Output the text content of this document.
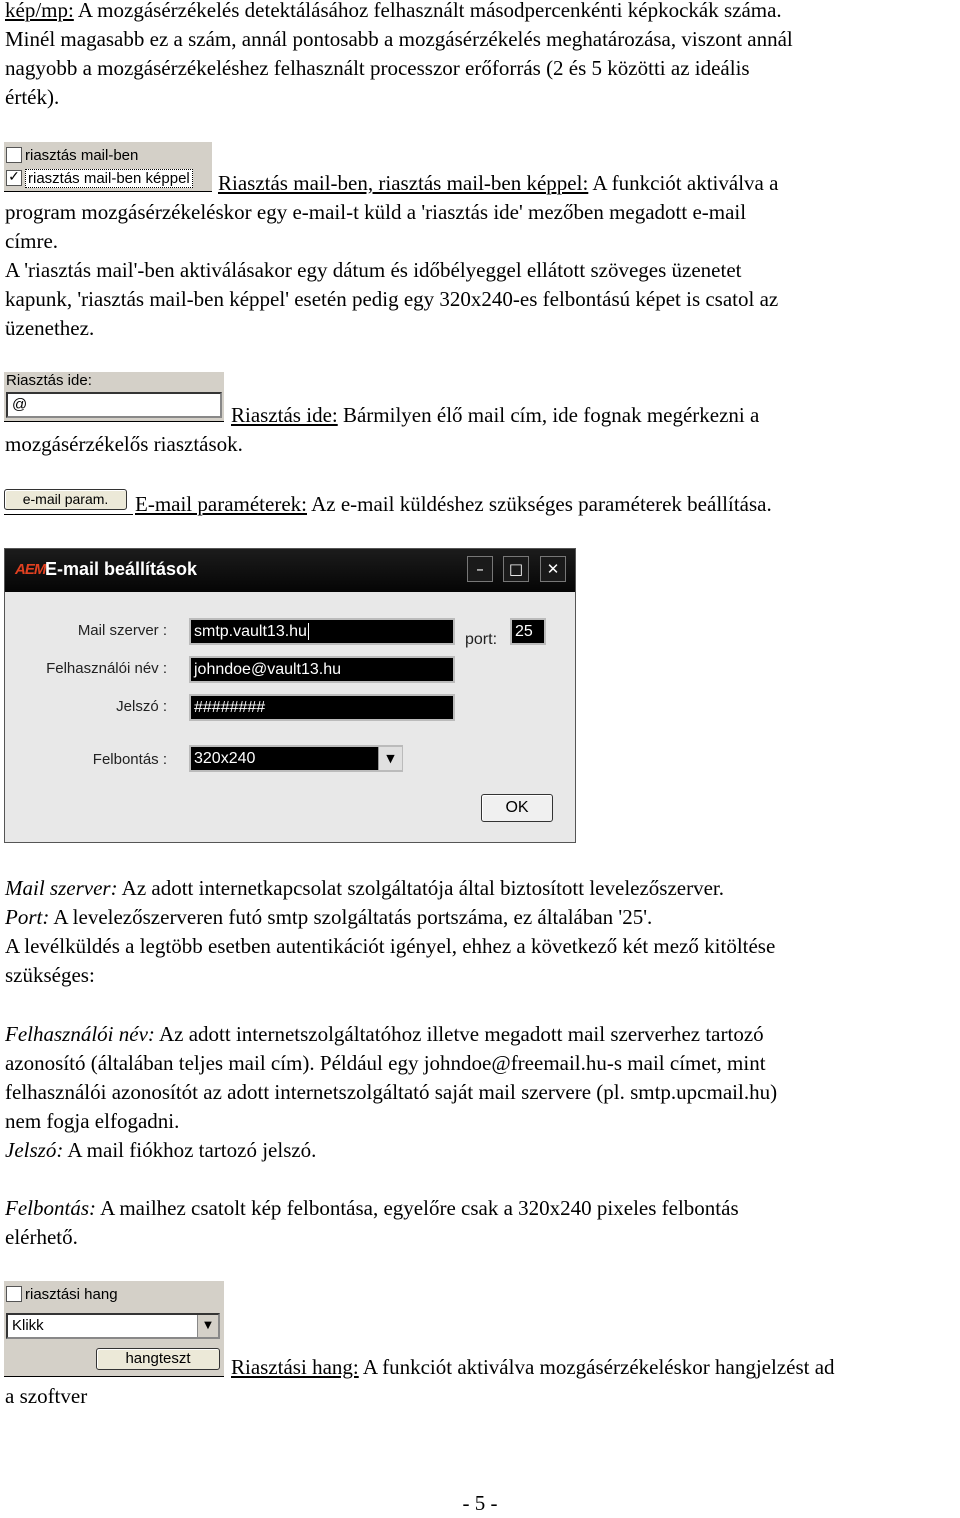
kép/mp: A mozgásérzékelés detektálásához felhasznált másodpercenkénti képkockák száma.
Minél magasabb ez a szám, annál pontosabb a mozgásérzékelés meghatározása, viszont annál
nagyobb a mozgásérzékeléshez felhasznált processzor erőforrás (2 és 5 közötti az ideális
érték).
riasztás mail-ben
✓ riasztás mail-ben képpel Riasztás mail-ben, riasztás mail-ben képpel: A funkciót aktiválva a
program mozgásérzékeléskor egy e-mail-t küld a 'riasztás ide' mezőben megadott e-mail
címre.
A 'riasztás mail'-ben aktiválásakor egy dátum és időbélyeggel ellátott szöveges üzenetet
kapunk, 'riasztás mail-ben képpel' esetén pedig egy 320x240-es felbontású képet is csatol az
üzenethez.
Riasztás ide:
@	Riasztás ide: Bármilyen élő mail cím, ide fognak megérkezni a
mozgásérzékelős riasztások.
e-mail param.	E-mail paraméterek: Az e-mail küldéshez szükséges paraméterek beállítása.
AEM E-mail beállítások	–	□	✕
Mail szerver :	smtp.vault13.hu	port:	25
Felhasználói név :	johndoe@vault13.hu
Jelszó :	########
Felbontás :	320x240	▼
OK
Mail szerver: Az adott internetkapcsolat szolgáltatója által biztosított levelezőszerver.
Port: A levelezőszerveren futó smtp szolgáltatás portszáma, ez általában '25'.
A levélküldés a legtöbb esetben autentikációt igényel, ehhez a következő két mező kitöltése
szükséges:
Felhasználói név: Az adott internetszolgáltatóhoz illetve megadott mail szerverhez tartozó
azonosító (általában teljes mail cím). Például egy johndoe@freemail.hu-s mail címet, mint
felhasználói azonosítót az adott internetszolgáltató saját mail szervere (pl. smtp.upcmail.hu)
nem fogja elfogadni.
Jelszó: A mail fiókhoz tartozó jelszó.
Felbontás: A mailhez csatolt kép felbontása, egyelőre csak a 320x240 pixeles felbontás
elérhető.
riasztási hang
Klikk	▼
hangteszt	Riasztási hang: A funkciót aktiválva mozgásérzékeléskor hangjelzést ad
a szoftver
- 5 -
